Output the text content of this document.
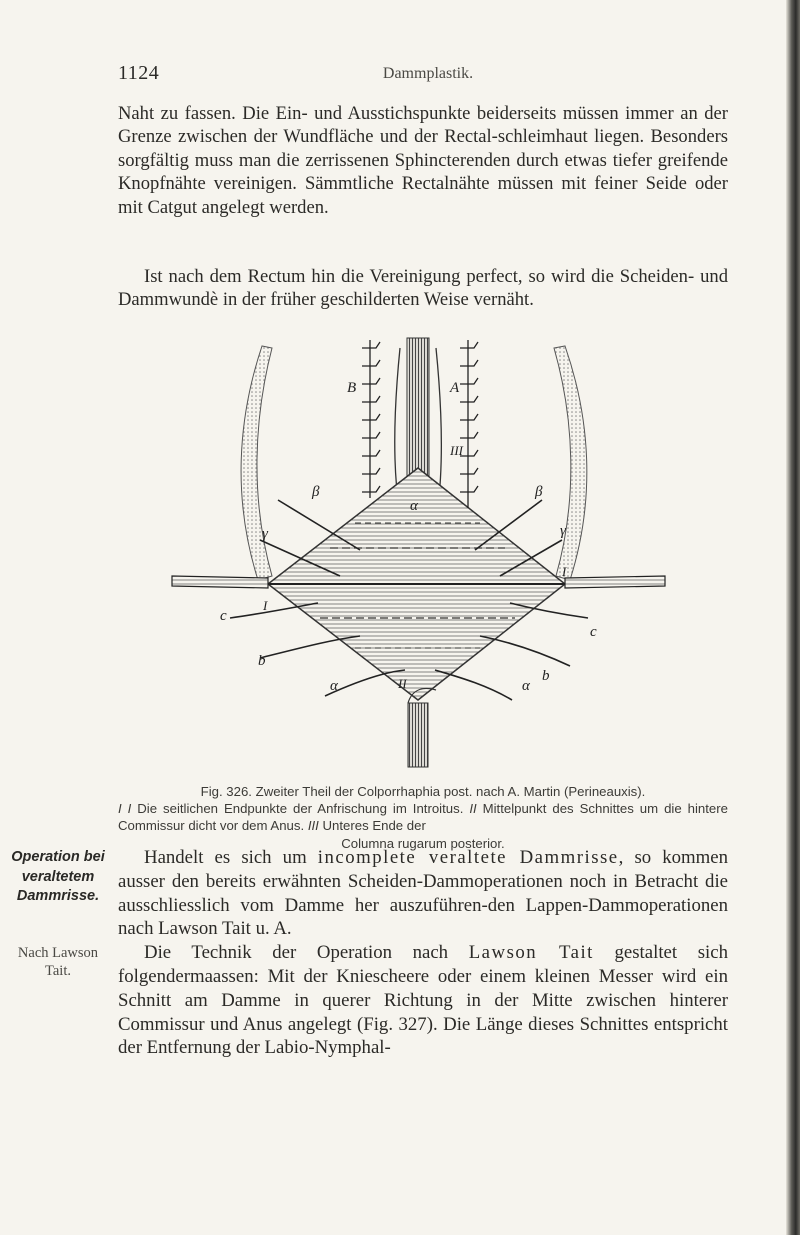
1124	Dammplastik.

Naht zu fassen. Die Ein- und Ausstichspunkte beiderseits müssen immer an der Grenze zwischen der Wundfläche und der Rectal-schleimhaut liegen. Besonders sorgfältig muss man die zerrissenen Sphincterenden durch etwas tiefer greifende Knopfnähte vereinigen. Sämmtliche Rectalnähte müssen mit feiner Seide oder mit Catgut angelegt werden.

Ist nach dem Rectum hin die Vereinigung perfect, so wird die Scheiden- und Dammwundè in der früher geschilderten Weise vernäht.

B	A
III
I
I
II
α
α	α
β	β
γ	γ
c
c
b
b

Fig. 326. Zweiter Theil der Colporrhaphia post. nach A. Martin (Perineauxis).

I I Die seitlichen Endpunkte der Anfrischung im Introitus. II Mittelpunkt des Schnittes um die hintere Commissur dicht vor dem Anus. III Unteres Ende der

Columna rugarum posterior.

Handelt es sich um incomplete veraltete Dammrisse, so kommen ausser den bereits erwähnten Scheiden-Dammoperationen noch in Betracht die ausschliesslich vom Damme her auszuführen-den Lappen-Dammoperationen nach Lawson Tait u. A.
Die Technik der Operation nach Lawson Tait gestaltet sich folgendermaassen: Mit der Kniescheere oder einem kleinen Messer wird ein Schnitt am Damme in querer Richtung in der Mitte zwischen hinterer Commissur und Anus angelegt (Fig. 327). Die Länge dieses Schnittes entspricht der Entfernung der Labio-Nymphal-

Operation bei
veraltetem
Dammrisse.
Nach Lawson
Tait.
